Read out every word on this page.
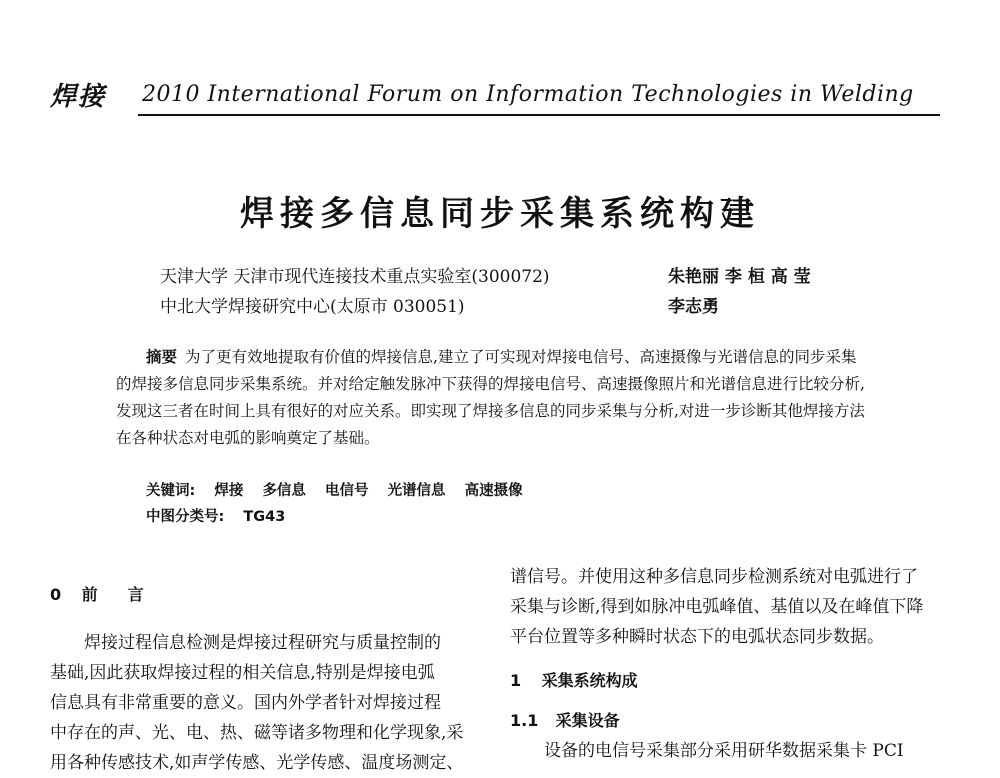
焊接 2010 International Forum on Information Technologies in Welding
焊接多信息同步采集系统构建
天津大学 天津市现代连接技术重点实验室(300072)	朱艳丽 李 桓 高 莹
中北大学焊接研究中心(太原市 030051)	李志勇
摘要 为了更有效地提取有价值的焊接信息,建立了可实现对焊接电信号、高速摄像与光谱信息的同步采集
的焊接多信息同步采集系统。并对给定触发脉冲下获得的焊接电信号、高速摄像照片和光谱信息进行比较分析,
发现这三者在时间上具有很好的对应关系。即实现了焊接多信息的同步采集与分析,对进一步诊断其他焊接方法
在各种状态对电弧的影响奠定了基础。
关键词: 焊接 多信息 电信号 光谱信息 高速摄像
中图分类号: TG43
0 前言
焊接过程信息检测是焊接过程研究与质量控制的
基础,因此获取焊接过程的相关信息,特别是焊接电弧
信息具有非常重要的意义。国内外学者针对焊接过程
中存在的声、光、电、热、磁等诸多物理和化学现象,采
用各种传感技术,如声学传感、光学传感、温度场测定、
谱信号。并使用这种多信息同步检测系统对电弧进行了
采集与诊断,得到如脉冲电弧峰值、基值以及在峰值下降
平台位置等多种瞬时状态下的电弧状态同步数据。
1 采集系统构成
1.1 采集设备
设备的电信号采集部分采用研华数据采集卡 PCI
